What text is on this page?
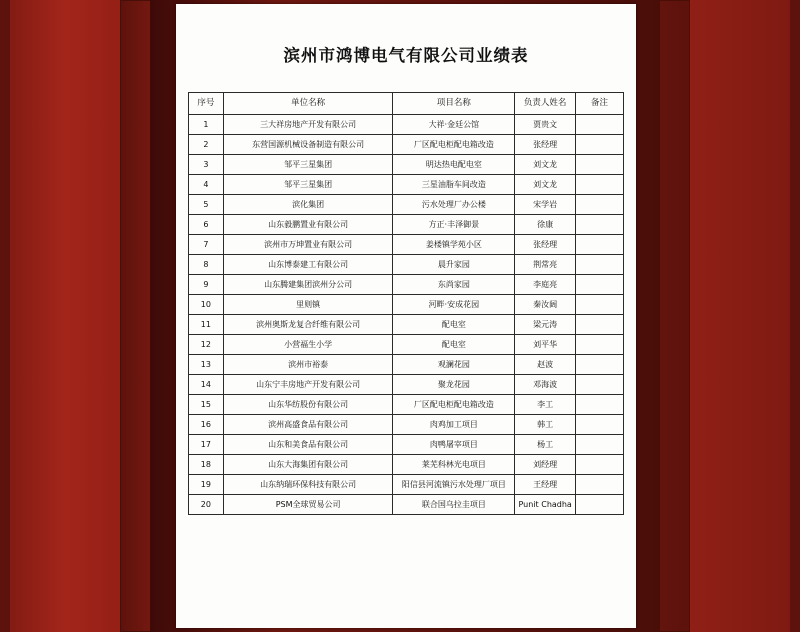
滨州市鸿博电气有限公司业绩表
序号	单位名称	项目名称	负责人姓名	备注
1	三大祥房地产开发有限公司	大祥·金廷公馆	贾贵文	
2	东营国源机械设备制造有限公司	厂区配电柜配电箱改造	张经理	
3	邹平三星集团	明达热电配电室	刘文龙	
4	邹平三星集团	三星油脂车间改造	刘文龙	
5	滨化集团	污水处理厂办公楼	宋学岩	
6	山东毅鹏置业有限公司	方正·丰泽御景	徐康	
7	滨州市万坤置业有限公司	姜楼镇学苑小区	张经理	
8	山东博泰建工有限公司	晨升家园	荆常亮	
9	山东腾建集团滨州分公司	东尚家园	李庭亮	
10	里则镇	河畔·安成花园	秦汝阔	
11	滨州奥斯龙复合纤维有限公司	配电室	梁元涛	
12	小营福生小学	配电室	刘平华	
13	滨州市裕泰	观澜花园	赵波	
14	山东宁丰房地产开发有限公司	聚龙花园	邓海波	
15	山东华纺股份有限公司	厂区配电柜配电箱改造	李工	
16	滨州高盛食品有限公司	肉鸡加工项目	韩工	
17	山东和美食品有限公司	肉鸭屠宰项目	杨工	
18	山东大海集团有限公司	莱芜科林光电项目	刘经理	
19	山东纳瑞环保科技有限公司	阳信县河流镇污水处理厂项目	王经理	
20	PSM全球贸易公司	联合国乌拉圭项目	Punit Chadha	
